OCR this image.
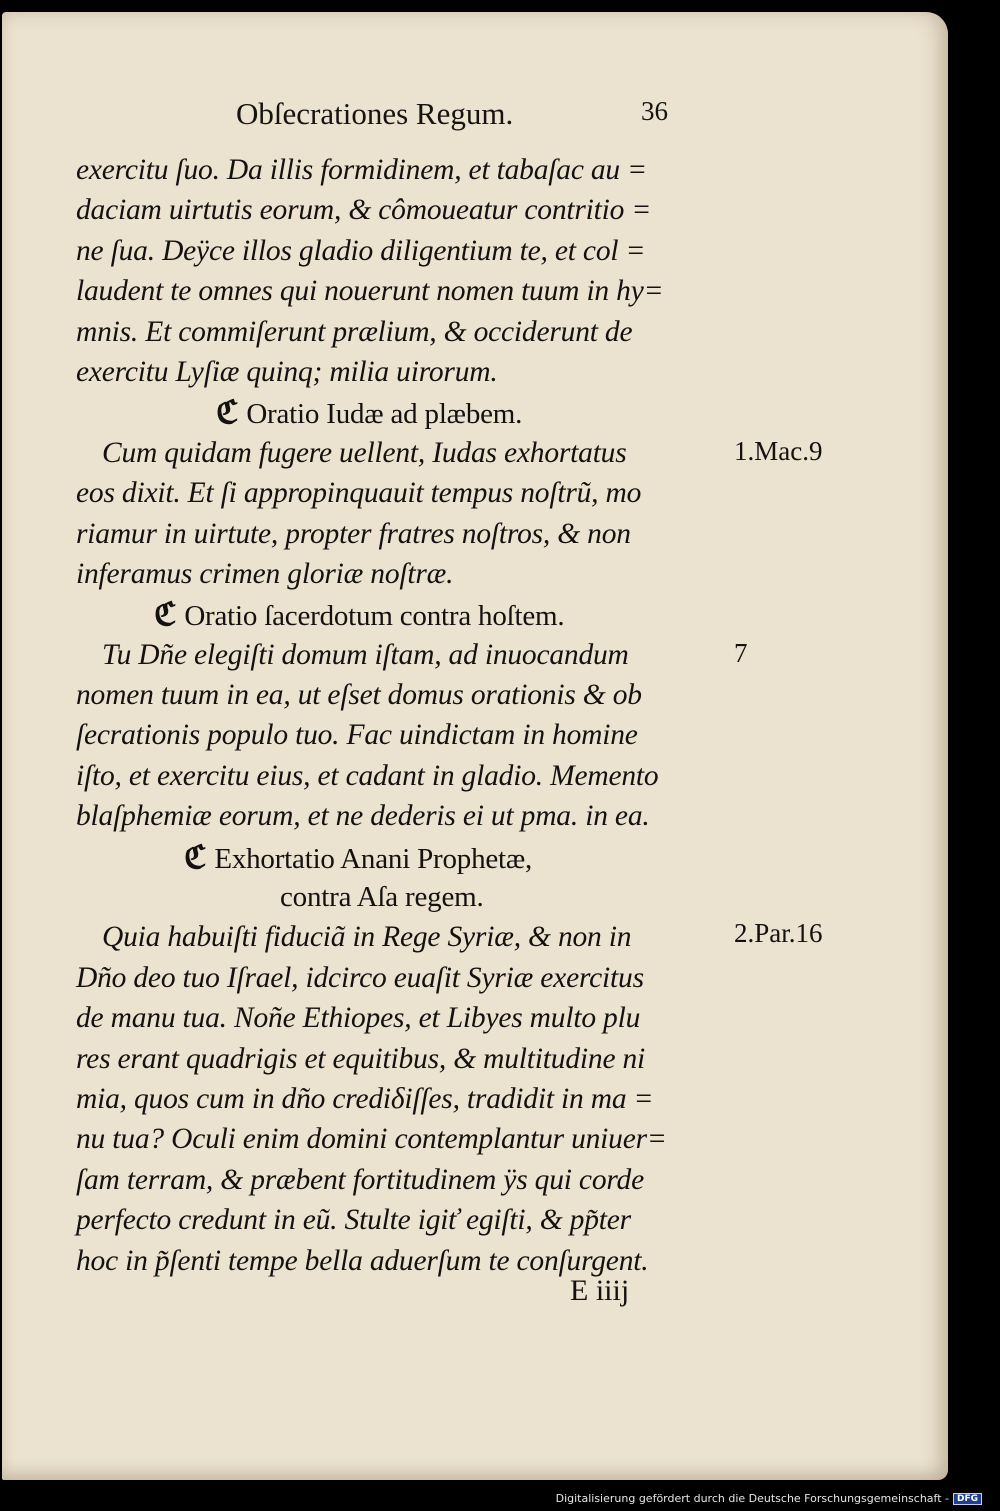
Obſecrationes Regum.	36
exercitu ſuo. Da illis formidinem, et tabaſac au =
daciam uirtutis eorum, & cômoueatur contritio =
ne ſua. Deÿce illos gladio diligentium te, et col =
laudent te omnes qui nouerunt nomen tuum in hy=
mnis. Et commiſerunt prælium, & occiderunt de
exercitu Lyſiæ quinq; milia uirorum.
ℭ Oratio Iudæ ad plæbem.
Cum quidam fugere uellent, Iudas exhortatus
eos dixit. Et ſi appropinquauit tempus noſtrũ, mo
riamur in uirtute, propter fratres noſtros, & non
inferamus crimen gloriæ noſtræ.
ℭ Oratio ſacerdotum contra hoſtem.
Tu Dñe elegiſti domum iſtam, ad inuocandum
nomen tuum in ea, ut eſset domus orationis & ob
ſecrationis populo tuo. Fac uindictam in homine
iſto, et exercitu eius, et cadant in gladio. Memento
blaſphemiæ eorum, et ne dederis ei ut pma. in ea.
ℭ Exhortatio Anani Prophetæ,
contra Aſa regem.
Quia habuiſti fiduciã in Rege Syriæ, & non in
Dño deo tuo Iſrael, idcirco euaſit Syriæ exercitus
de manu tua. Noñe Ethiopes, et Libyes multo plu
res erant quadrigis et equitibus, & multitudine ni
mia, quos cum in dño crediδiſſes, tradidit in ma =
nu tua? Oculi enim domini contemplantur uniuer=
ſam terram, & præbent fortitudinem ÿs qui corde
perfecto credunt in eũ. Stulte igiť egiſti, & pp̃ter
hoc in p̃ſenti tempe bella aduerſum te conſurgent.
1.Mac.9
7
2.Par.16
E iiij
Digitalisierung gefördert durch die Deutsche Forschungsgemeinschaft - DFG
